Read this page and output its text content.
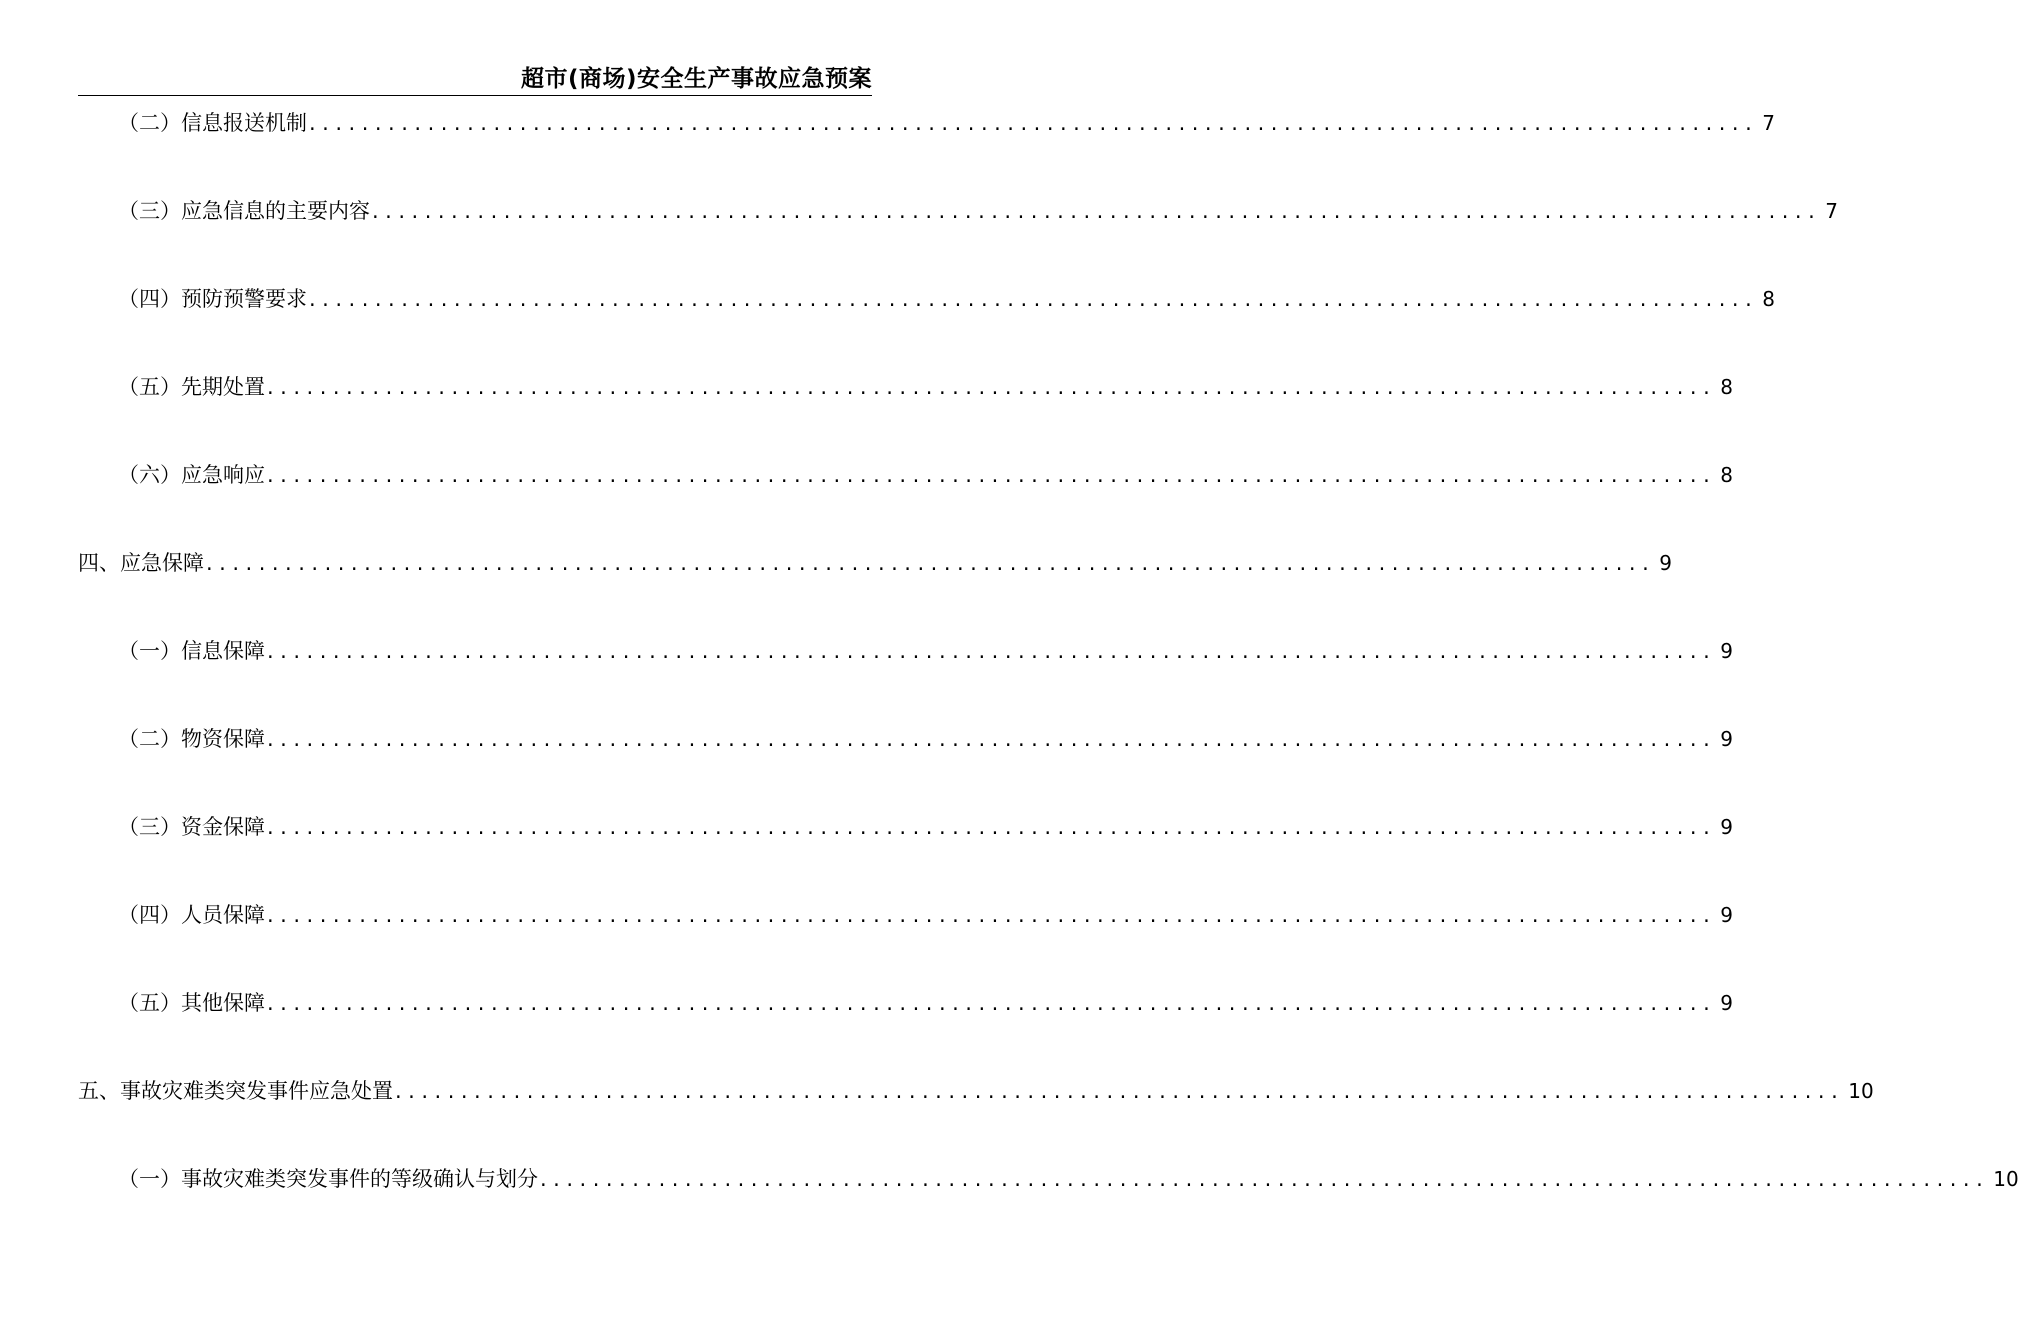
超市(商场)安全生产事故应急预案
（二）信息报送机制 .............................................................................................................. 7
（三）应急信息的主要内容 .............................................................................................................. 7
（四）预防预警要求 .............................................................................................................. 8
（五）先期处置 .............................................................................................................. 8
（六）应急响应 .............................................................................................................. 8
四、应急保障 .............................................................................................................. 9
（一）信息保障 .............................................................................................................. 9
（二）物资保障 .............................................................................................................. 9
（三）资金保障 .............................................................................................................. 9
（四）人员保障 .............................................................................................................. 9
（五）其他保障 .............................................................................................................. 9
五、事故灾难类突发事件应急处置 .............................................................................................................. 10
（一）事故灾难类突发事件的等级确认与划分 .............................................................................................................. 10
